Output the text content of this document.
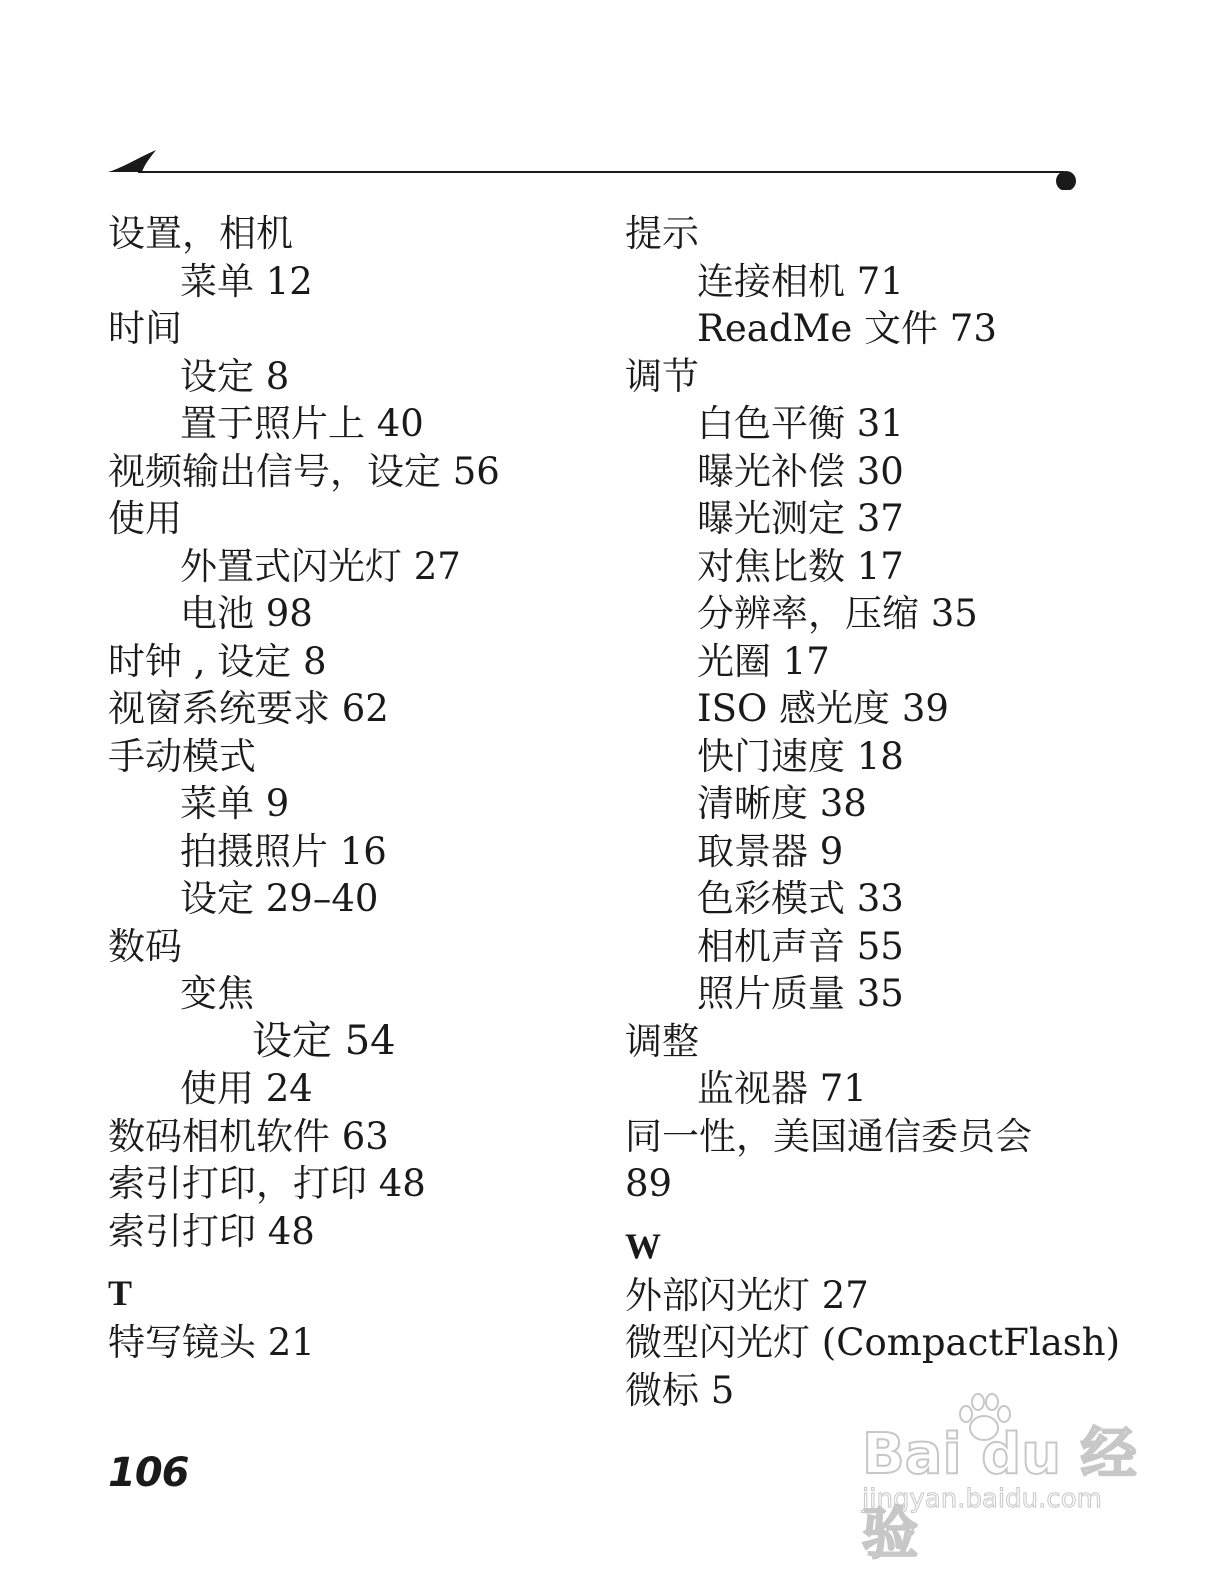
设置，相机
菜单 12
时间
设定 8
置于照片上 40
视频输出信号，设定 56
使用
外置式闪光灯 27
电池 98
时钟 , 设定 8
视窗系统要求 62
手动模式
菜单 9
拍摄照片 16
设定 29–40
数码
变焦
设定 54
使用 24
数码相机软件 63
索引打印，打印 48
索引打印 48
T
特写镜头 21
提示
连接相机 71
ReadMe 文件 73
调节
白色平衡 31
曝光补偿 30
曝光测定 37
对焦比数 17
分辨率，压缩 35
光圈 17
ISO 感光度 39
快门速度 18
清晰度 38
取景器 9
色彩模式 33
相机声音 55
照片质量 35
调整
监视器 71
同一性，美国通信委员会
89
W
外部闪光灯 27
微型闪光灯 (CompactFlash)
微标 5
106	Bai du 经验
jingyan.baidu.com
